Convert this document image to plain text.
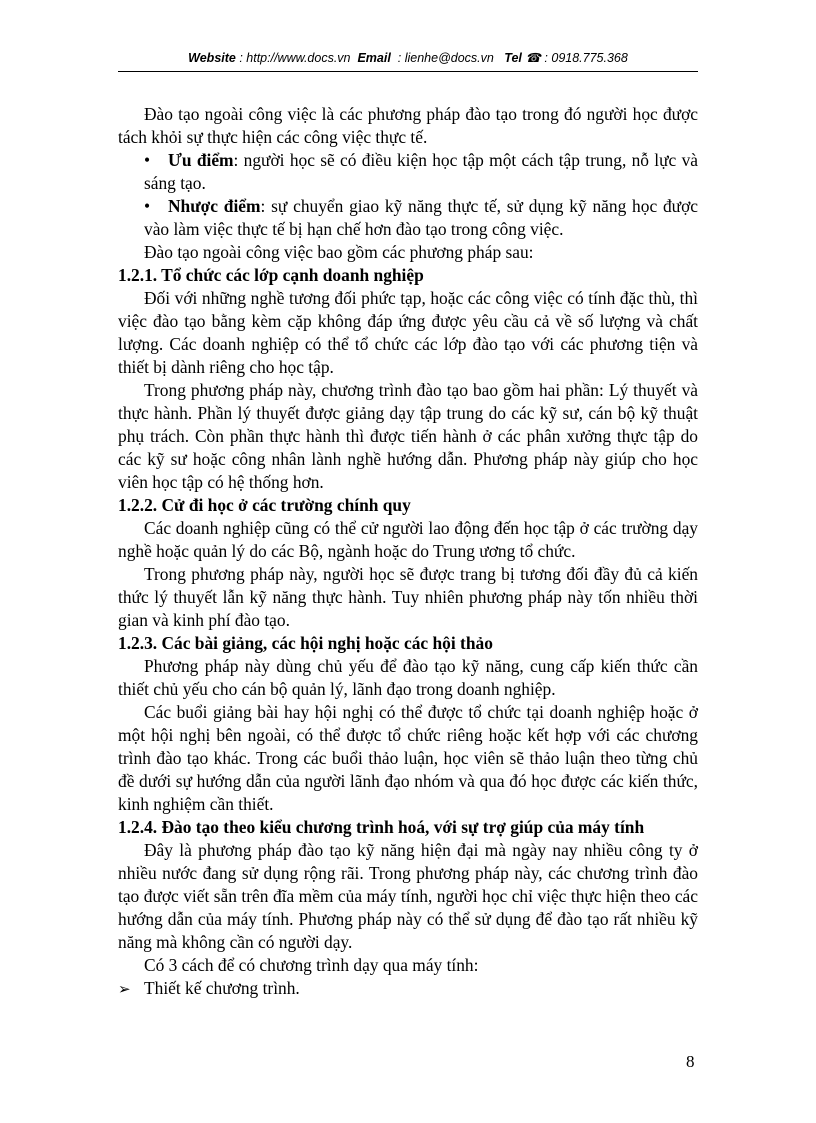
Website : http://www.docs.vn Email  : lienhe@docs.vn Tel ☎ : 0918.775.368

Đào tạo ngoài công việc là các phương pháp đào tạo trong đó người học được tách khỏi sự thực hiện các công việc thực tế.

• Ưu điểm: người học sẽ có điều kiện học tập một cách tập trung, nỗ lực và sáng tạo.

• Nhược điểm: sự chuyển giao kỹ năng thực tế, sử dụng kỹ năng học được vào làm việc thực tế bị hạn chế hơn đào tạo trong công việc.

Đào tạo ngoài công việc bao gồm các phương pháp sau:

1.2.1. Tổ chức các lớp cạnh doanh nghiệp

Đối với những nghề tương đối phức tạp, hoặc các công việc có tính đặc thù, thì việc đào tạo bằng kèm cặp không đáp ứng được yêu cầu cả về số lượng và chất lượng. Các doanh nghiệp có thể tổ chức các lớp đào tạo với các phương tiện và thiết bị dành riêng cho học tập.

Trong phương pháp này, chương trình đào tạo bao gồm hai phần: Lý thuyết và thực hành. Phần lý thuyết được giảng dạy tập trung do các kỹ sư, cán bộ kỹ thuật phụ trách. Còn phần thực hành thì được tiến hành ở các phân xưởng thực tập do các kỹ sư hoặc công nhân lành nghề hướng dẫn. Phương pháp này giúp cho học viên học tập có hệ thống hơn.

1.2.2. Cử đi học ở các trường chính quy

Các doanh nghiệp cũng có thể cử người lao động đến học tập ở các trường dạy nghề hoặc quản lý do các Bộ, ngành hoặc do Trung ương tổ chức.

Trong phương pháp này, người học sẽ được trang bị tương đối đầy đủ cả kiến thức lý thuyết lẫn kỹ năng thực hành. Tuy nhiên phương pháp này tốn nhiều thời gian và kinh phí đào tạo.

1.2.3. Các bài giảng, các hội nghị hoặc các hội thảo

Phương pháp này dùng chủ yếu để đào tạo kỹ năng, cung cấp kiến thức cần thiết chủ yếu cho cán bộ quản lý, lãnh đạo trong doanh nghiệp.

Các buổi giảng bài hay hội nghị có thể được tổ chức tại doanh nghiệp hoặc ở một hội nghị bên ngoài, có thể được tổ chức riêng hoặc kết hợp với các chương trình đào tạo khác. Trong các buổi thảo luận, học viên sẽ thảo luận theo từng chủ đề dưới sự hướng dẫn của người lãnh đạo nhóm và qua đó học được các kiến thức, kinh nghiệm cần thiết.

1.2.4. Đào tạo theo kiểu chương trình hoá, với sự trợ giúp của máy tính

Đây là phương pháp đào tạo kỹ năng hiện đại mà ngày nay nhiều công ty ở nhiều nước đang sử dụng rộng rãi. Trong phương pháp này, các chương trình đào tạo được viết sẵn trên đĩa mềm của máy tính, người học chỉ việc thực hiện theo các hướng dẫn của máy tính. Phương pháp này có thể sử dụng để đào tạo rất nhiều kỹ năng mà không cần có người dạy.

Có 3 cách để có chương trình dạy qua máy tính:

➢ Thiết kế chương trình.

8
